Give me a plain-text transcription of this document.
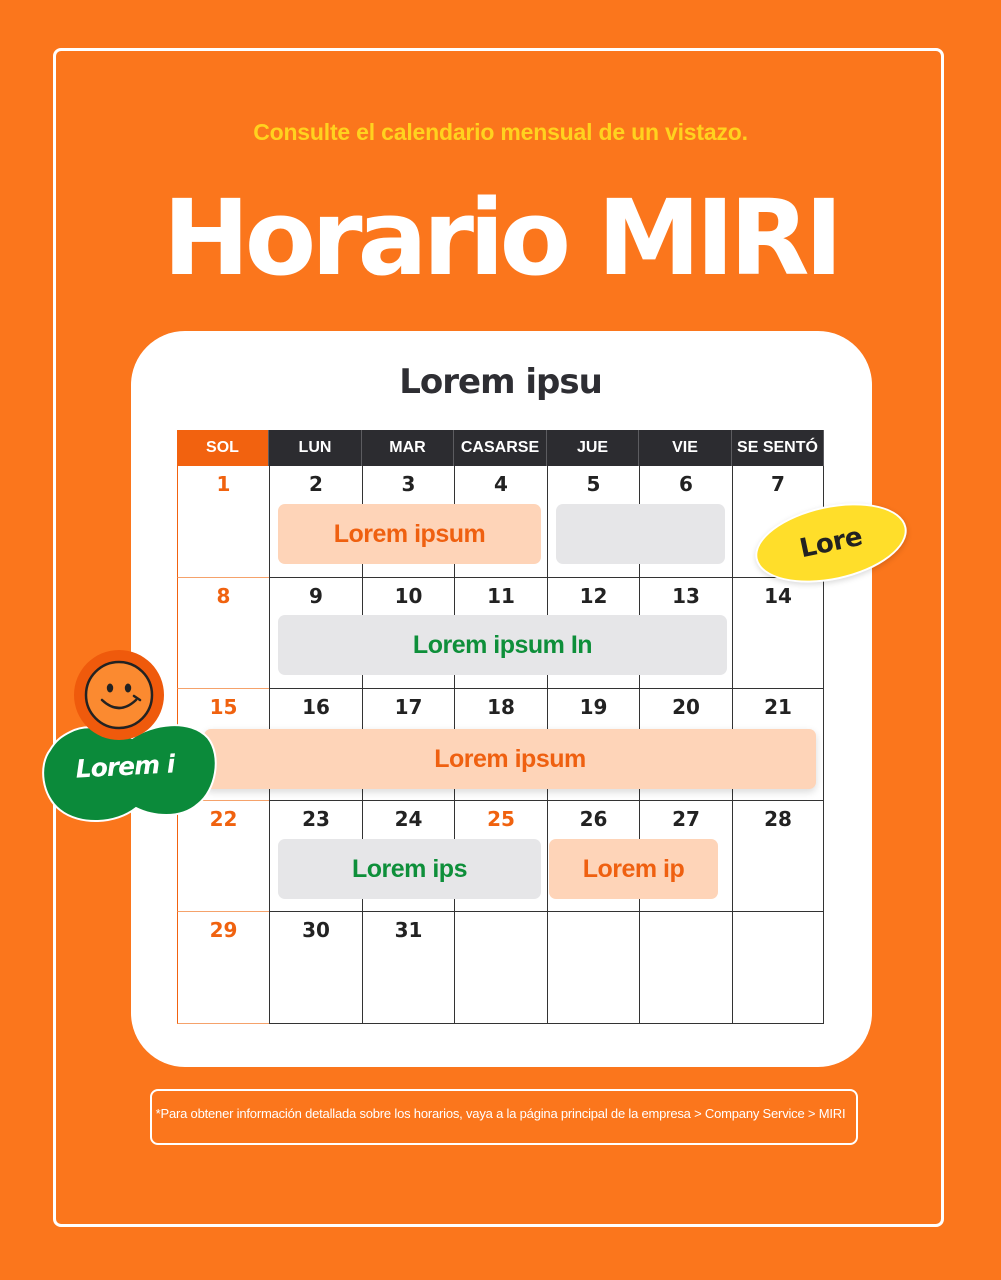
Consulte el calendario mensual de un vistazo.
Horario MIRI
Lorem ipsu
SOL	LUN	MAR	CASARSE	JUE	VIE	SE SENTÓ
1	2	3	4	5	6	7
8	9	10	11	12	13	14
15	16	17	18	19	20	21
22	23	24	25	26	27	28
29	30	31
Lorem ipsum
Lorem ipsum In
Lorem ipsum
Lorem ips	Lorem ip
Lore
Lorem i
*Para obtener información detallada sobre los horarios, vaya a la página principal de la empresa > Company Service > MIRI
